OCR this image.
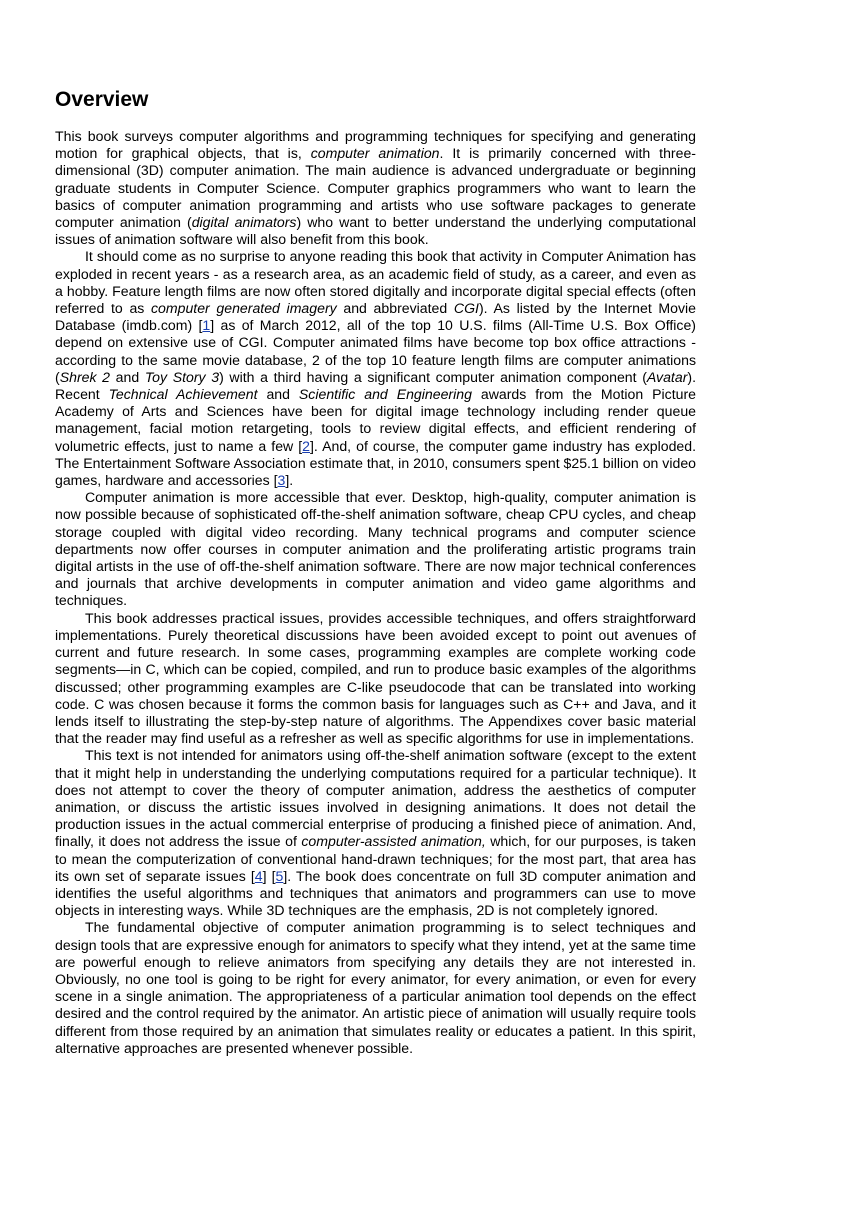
Overview

This book surveys computer algorithms and programming techniques for specifying and generating motion for graphical objects, that is, computer animation. It is primarily concerned with three-dimensional (3D) computer animation. The main audience is advanced undergraduate or beginning graduate students in Computer Science. Computer graphics programmers who want to learn the basics of computer animation programming and artists who use software packages to generate computer animation (digital animators) who want to better understand the underlying computational issues of animation software will also benefit from this book.

It should come as no surprise to anyone reading this book that activity in Computer Animation has exploded in recent years - as a research area, as an academic field of study, as a career, and even as a hobby. Feature length films are now often stored digitally and incorporate digital special effects (often referred to as computer generated imagery and abbreviated CGI). As listed by the Internet Movie Database (imdb.com) [1] as of March 2012, all of the top 10 U.S. films (All-Time U.S. Box Office) depend on extensive use of CGI. Computer animated films have become top box office attractions - according to the same movie database, 2 of the top 10 feature length films are computer animations (Shrek 2 and Toy Story 3) with a third having a significant computer animation component (Avatar). Recent Technical Achievement and Scientific and Engineering awards from the Motion Picture Academy of Arts and Sciences have been for digital image technology including render queue management, facial motion retargeting, tools to review digital effects, and efficient rendering of volumetric effects, just to name a few [2]. And, of course, the computer game industry has exploded. The Entertainment Software Association estimate that, in 2010, consumers spent $25.1 billion on video games, hardware and accessories [3].

Computer animation is more accessible that ever. Desktop, high-quality, computer animation is now possible because of sophisticated off-the-shelf animation software, cheap CPU cycles, and cheap storage coupled with digital video recording. Many technical programs and computer science departments now offer courses in computer animation and the proliferating artistic programs train digital artists in the use of off-the-shelf animation software. There are now major technical conferences and journals that archive developments in computer animation and video game algorithms and techniques.

This book addresses practical issues, provides accessible techniques, and offers straightforward implementations. Purely theoretical discussions have been avoided except to point out avenues of current and future research. In some cases, programming examples are complete working code segments—in C, which can be copied, compiled, and run to produce basic examples of the algorithms discussed; other programming examples are C-like pseudocode that can be translated into working code. C was chosen because it forms the common basis for languages such as C++ and Java, and it lends itself to illustrating the step-by-step nature of algorithms. The Appendixes cover basic material that the reader may find useful as a refresher as well as specific algorithms for use in implementations.

This text is not intended for animators using off-the-shelf animation software (except to the extent that it might help in understanding the underlying computations required for a particular technique). It does not attempt to cover the theory of computer animation, address the aesthetics of computer animation, or discuss the artistic issues involved in designing animations. It does not detail the production issues in the actual commercial enterprise of producing a finished piece of animation. And, finally, it does not address the issue of computer-assisted animation, which, for our purposes, is taken to mean the computerization of conventional hand-drawn techniques; for the most part, that area has its own set of separate issues [4] [5]. The book does concentrate on full 3D computer animation and identifies the useful algorithms and techniques that animators and programmers can use to move objects in interesting ways. While 3D techniques are the emphasis, 2D is not completely ignored.

The fundamental objective of computer animation programming is to select techniques and design tools that are expressive enough for animators to specify what they intend, yet at the same time are powerful enough to relieve animators from specifying any details they are not interested in. Obviously, no one tool is going to be right for every animator, for every animation, or even for every scene in a single animation. The appropriateness of a particular animation tool depends on the effect desired and the control required by the animator. An artistic piece of animation will usually require tools different from those required by an animation that simulates reality or educates a patient. In this spirit, alternative approaches are presented whenever possible.
